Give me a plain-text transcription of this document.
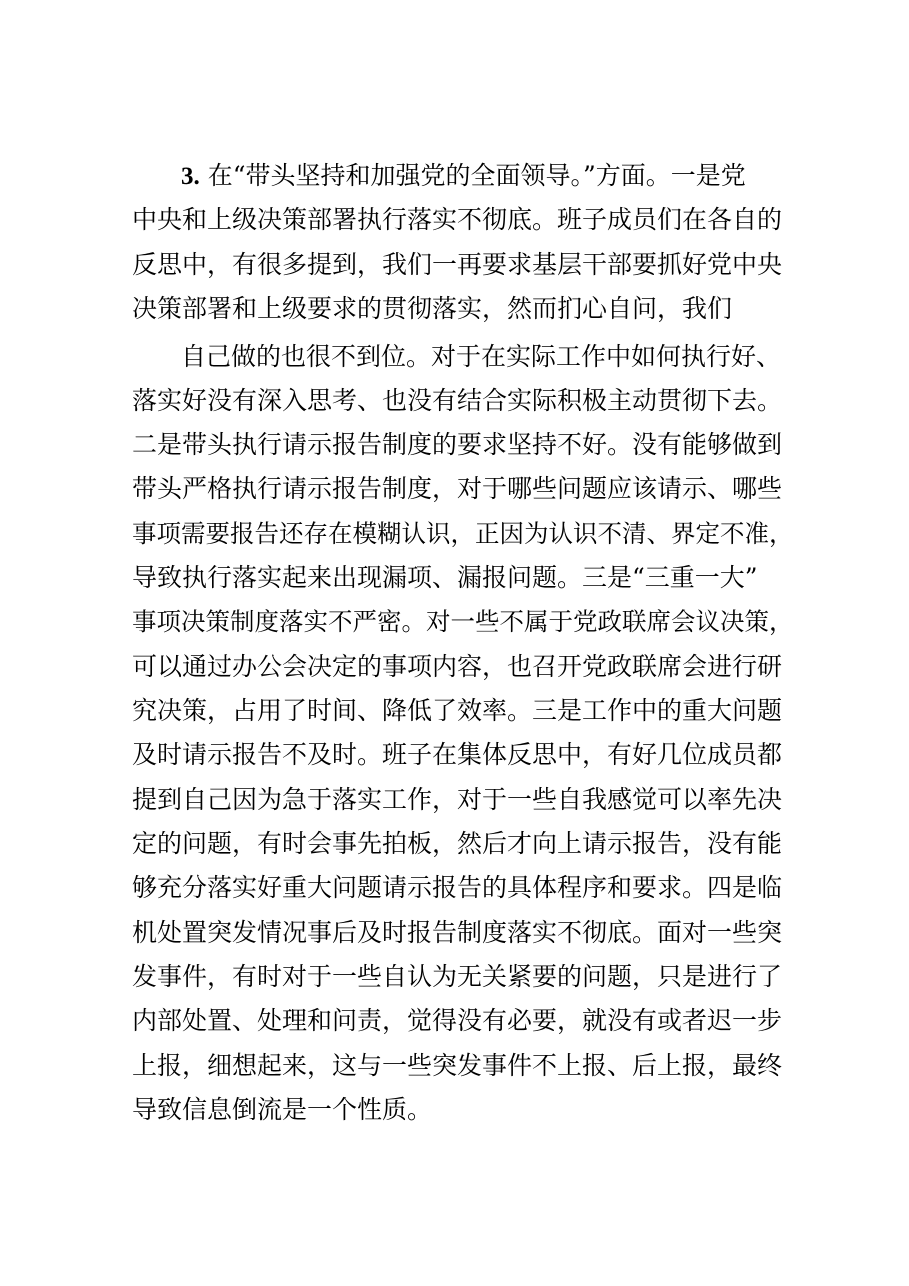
3. 在“带头坚持和加强党的全面领导。”方面。一是党
中央和上级决策部署执行落实不彻底。班子成员们在各自的
反思中，有很多提到，我们一再要求基层干部要抓好党中央
决策部署和上级要求的贯彻落实，然而扪心自问，我们
自己做的也很不到位。对于在实际工作中如何执行好、
落实好没有深入思考、也没有结合实际积极主动贯彻下去。
二是带头执行请示报告制度的要求坚持不好。没有能够做到
带头严格执行请示报告制度，对于哪些问题应该请示、哪些
事项需要报告还存在模糊认识，正因为认识不清、界定不准，
导致执行落实起来出现漏项、漏报问题。三是“三重一大”
事项决策制度落实不严密。对一些不属于党政联席会议决策，
可以通过办公会决定的事项内容，也召开党政联席会进行研
究决策，占用了时间、降低了效率。三是工作中的重大问题
及时请示报告不及时。班子在集体反思中，有好几位成员都
提到自己因为急于落实工作，对于一些自我感觉可以率先决
定的问题，有时会事先拍板，然后才向上请示报告，没有能
够充分落实好重大问题请示报告的具体程序和要求。四是临
机处置突发情况事后及时报告制度落实不彻底。面对一些突
发事件，有时对于一些自认为无关紧要的问题，只是进行了
内部处置、处理和问责，觉得没有必要，就没有或者迟一步
上报，细想起来，这与一些突发事件不上报、后上报，最终
导致信息倒流是一个性质。
